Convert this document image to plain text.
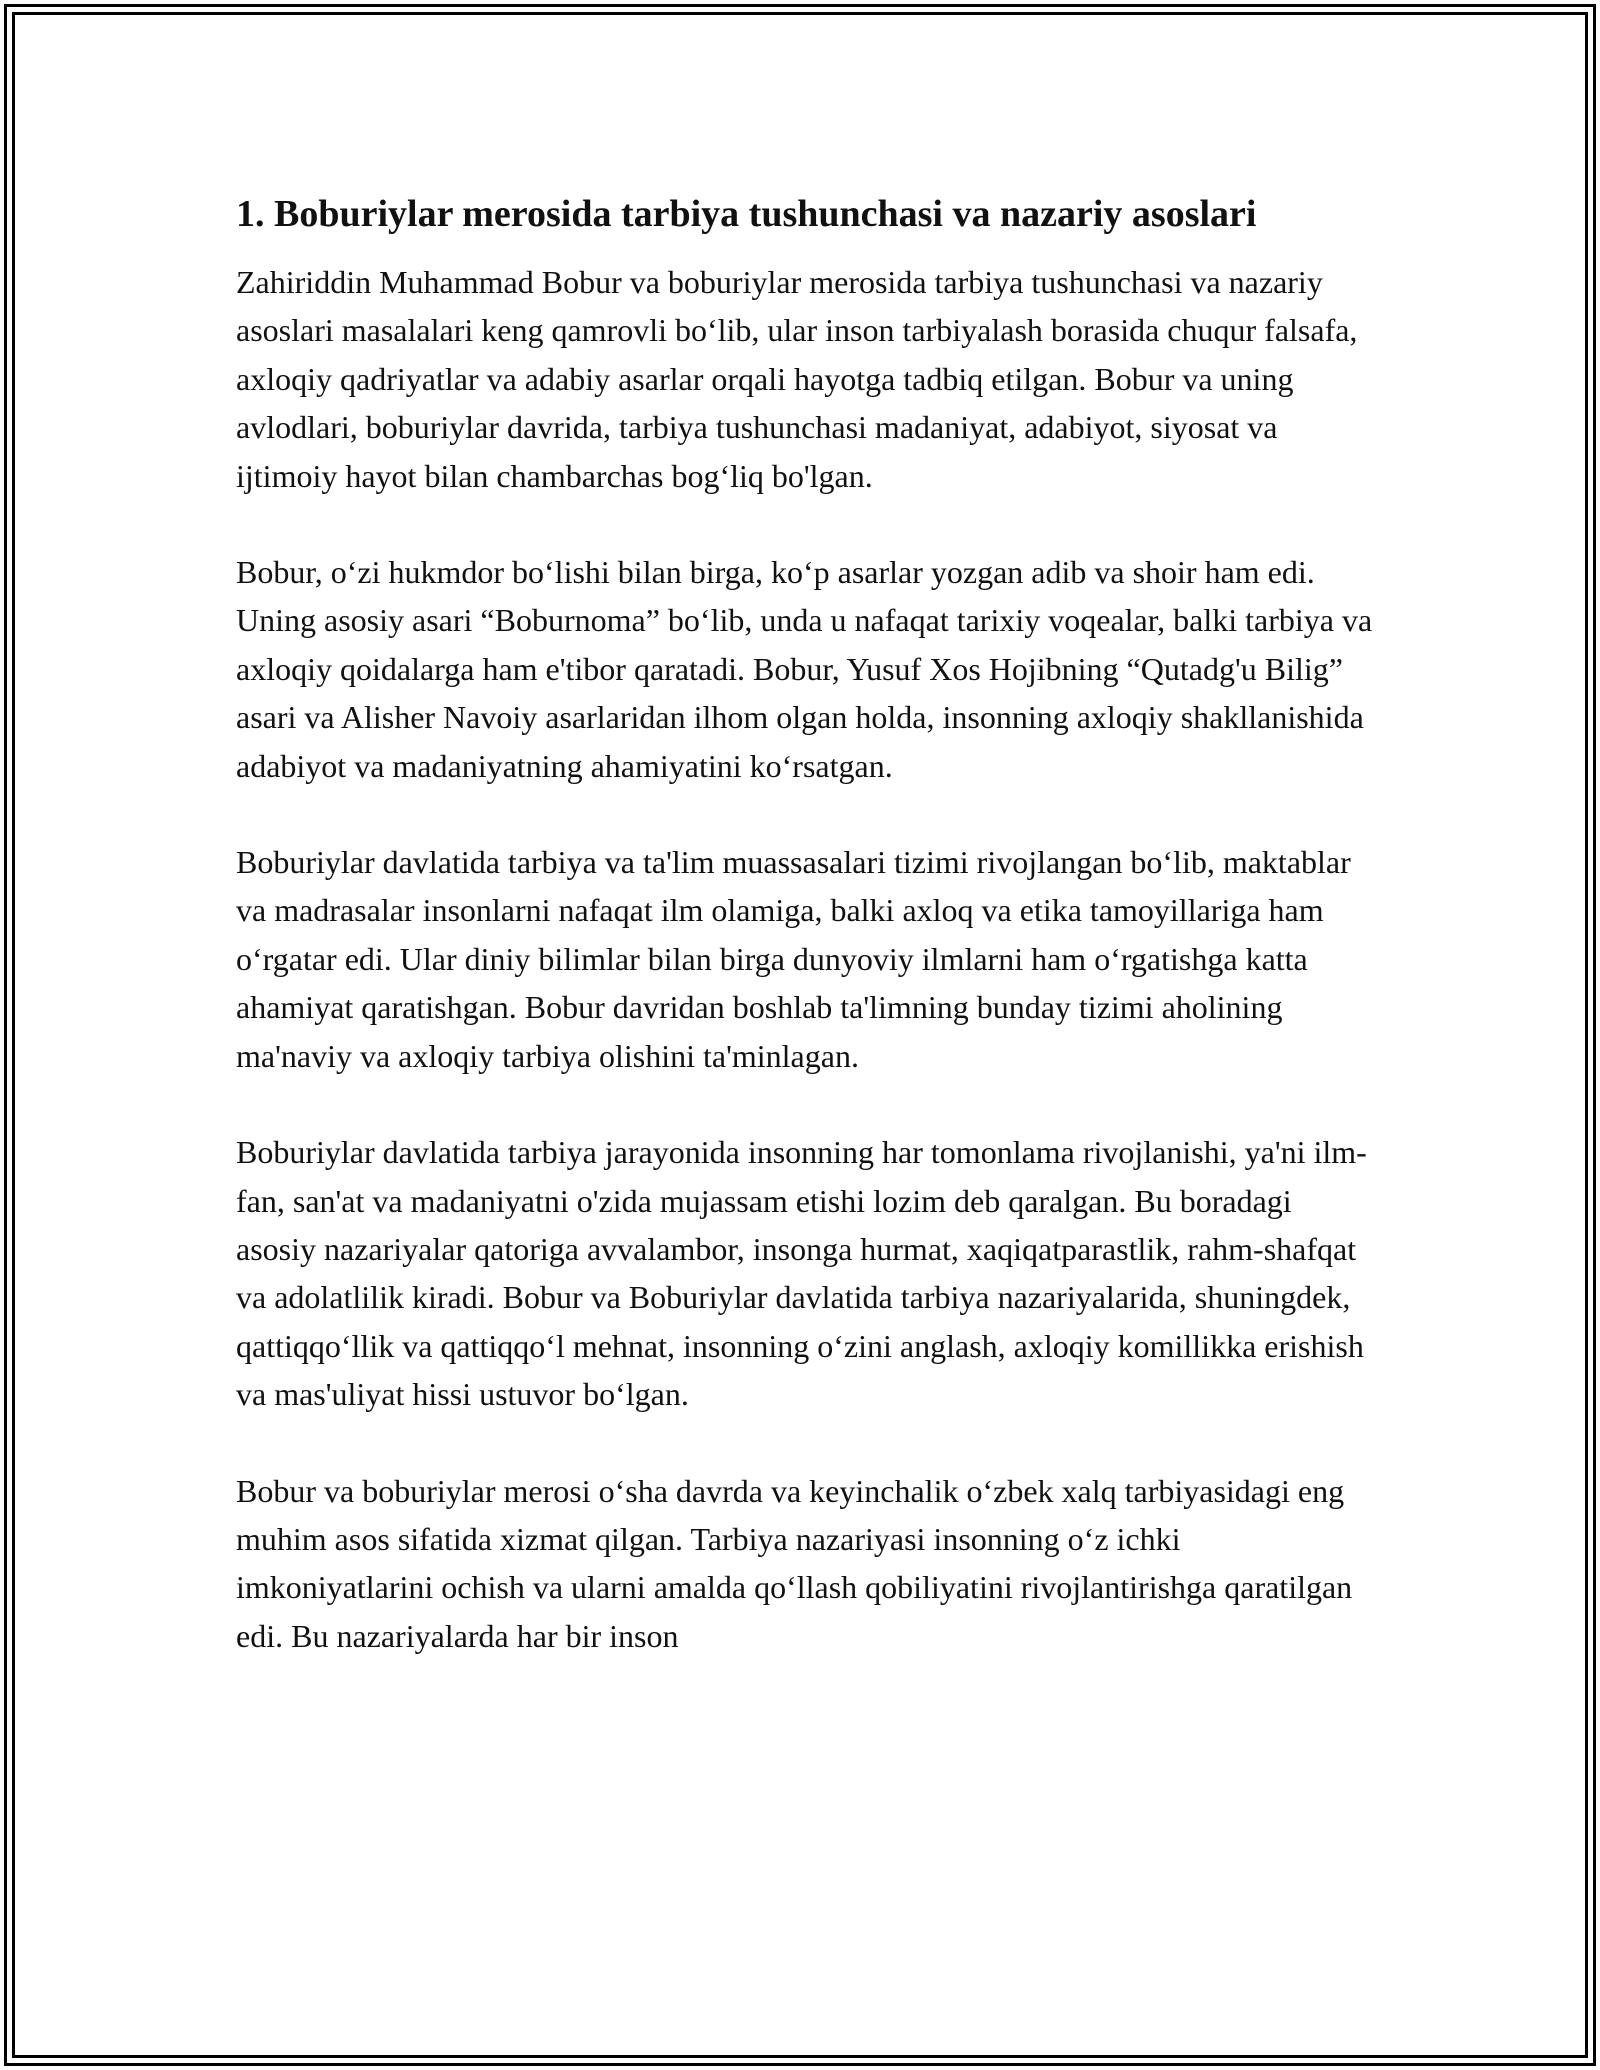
1. Boburiylar merosida tarbiya tushunchasi va nazariy asoslari

Zahiriddin Muhammad Bobur va boburiylar merosida tarbiya tushunchasi va nazariy asoslari masalalari keng qamrovli bo‘lib, ular inson tarbiyalash borasida chuqur falsafa, axloqiy qadriyatlar va adabiy asarlar orqali hayotga tadbiq etilgan. Bobur va uning avlodlari, boburiylar davrida, tarbiya tushunchasi madaniyat, adabiyot, siyosat va ijtimoiy hayot bilan chambarchas bog‘liq bo'lgan.

Bobur, o‘zi hukmdor bo‘lishi bilan birga, ko‘p asarlar yozgan adib va shoir ham edi. Uning asosiy asari “Boburnoma” bo‘lib, unda u nafaqat tarixiy voqealar, balki tarbiya va axloqiy qoidalarga ham e'tibor qaratadi. Bobur, Yusuf Xos Hojibning “Qutadg'u Bilig” asari va Alisher Navoiy asarlaridan ilhom olgan holda, insonning axloqiy shakllanishida adabiyot va madaniyatning ahamiyatini ko‘rsatgan.

Boburiylar davlatida tarbiya va ta'lim muassasalari tizimi rivojlangan bo‘lib, maktablar va madrasalar insonlarni nafaqat ilm olamiga, balki axloq va etika tamoyillariga ham o‘rgatar edi. Ular diniy bilimlar bilan birga dunyoviy ilmlarni ham o‘rgatishga katta ahamiyat qaratishgan. Bobur davridan boshlab ta'limning bunday tizimi aholining ma'naviy va axloqiy tarbiya olishini ta'minlagan.

Boburiylar davlatida tarbiya jarayonida insonning har tomonlama rivojlanishi, ya'ni ilm-fan, san'at va madaniyatni o'zida mujassam etishi lozim deb qaralgan. Bu boradagi asosiy nazariyalar qatoriga avvalambor, insonga hurmat, xaqiqatparastlik, rahm-shafqat va adolatlilik kiradi. Bobur va Boburiylar davlatida tarbiya nazariyalarida, shuningdek, qattiqqo‘llik va qattiqqo‘l mehnat, insonning o‘zini anglash, axloqiy komillikka erishish va mas'uliyat hissi ustuvor bo‘lgan.

Bobur va boburiylar merosi o‘sha davrda va keyinchalik o‘zbek xalq tarbiyasidagi eng muhim asos sifatida xizmat qilgan. Tarbiya nazariyasi insonning o‘z ichki imkoniyatlarini ochish va ularni amalda qo‘llash qobiliyatini rivojlantirishga qaratilgan edi. Bu nazariyalarda har bir inson
